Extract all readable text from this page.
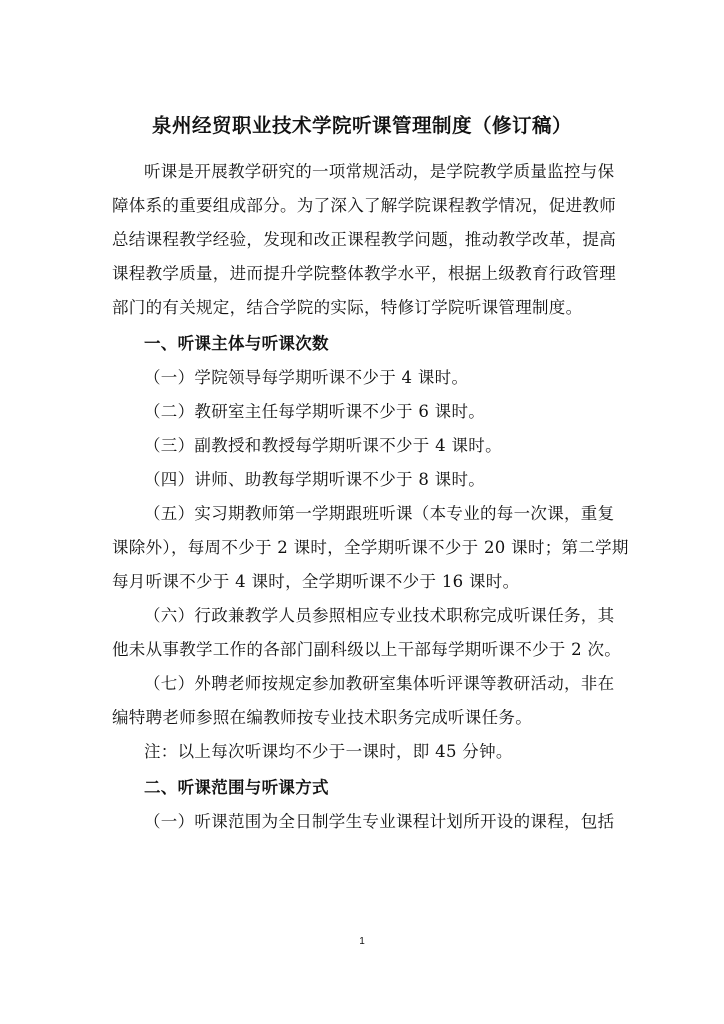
泉州经贸职业技术学院听课管理制度（修订稿）
听课是开展教学研究的一项常规活动，是学院教学质量监控与保
障体系的重要组成部分。为了深入了解学院课程教学情况，促进教师
总结课程教学经验，发现和改正课程教学问题，推动教学改革，提高
课程教学质量，进而提升学院整体教学水平，根据上级教育行政管理
部门的有关规定，结合学院的实际，特修订学院听课管理制度。
一、听课主体与听课次数
（一）学院领导每学期听课不少于 4 课时。
（二）教研室主任每学期听课不少于 6 课时。
（三）副教授和教授每学期听课不少于 4 课时。
（四）讲师、助教每学期听课不少于 8 课时。
（五）实习期教师第一学期跟班听课（本专业的每一次课，重复
课除外），每周不少于 2 课时，全学期听课不少于 20 课时；第二学期
每月听课不少于 4 课时，全学期听课不少于 16 课时。
（六）行政兼教学人员参照相应专业技术职称完成听课任务，其
他未从事教学工作的各部门副科级以上干部每学期听课不少于 2 次。
（七）外聘老师按规定参加教研室集体听评课等教研活动，非在
编特聘老师参照在编教师按专业技术职务完成听课任务。
注：以上每次听课均不少于一课时，即 45 分钟。
二、听课范围与听课方式
（一）听课范围为全日制学生专业课程计划所开设的课程，包括
1
